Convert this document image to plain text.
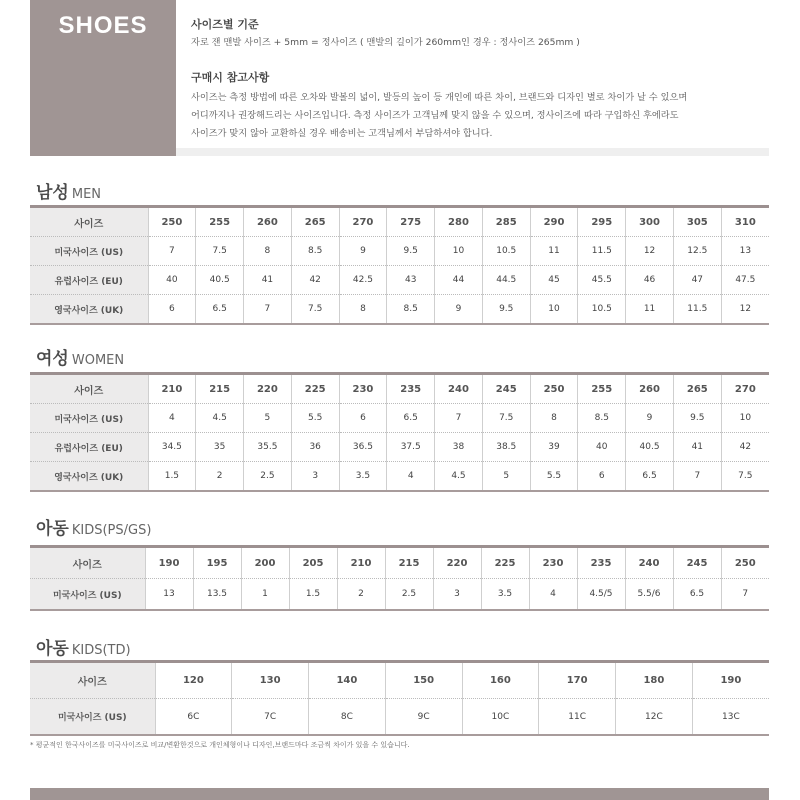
SHOES	사이즈별 기준
자로 잰 맨발 사이즈 + 5mm = 정사이즈 ( 맨발의 길이가 260mm인 경우 : 정사이즈 265mm )
구매시 참고사항
사이즈는 측정 방법에 따른 오차와 발볼의 넓이, 발등의 높이 등 개인에 따른 차이, 브랜드와 디자인 별로 차이가 날 수 있으며
어디까지나 권장해드리는 사이즈입니다. 측정 사이즈가 고객님께 맞지 않을 수 있으며, 정사이즈에 따라 구입하신 후에라도
사이즈가 맞지 않아 교환하실 경우 배송비는 고객님께서 부담하셔야 합니다.
남성 MEN
사이즈	250	255	260	265	270	275	280	285	290	295	300	305	310
미국사이즈 (US)	7	7.5	8	8.5	9	9.5	10	10.5	11	11.5	12	12.5	13
유럽사이즈 (EU)	40	40.5	41	42	42.5	43	44	44.5	45	45.5	46	47	47.5
영국사이즈 (UK)	6	6.5	7	7.5	8	8.5	9	9.5	10	10.5	11	11.5	12
여성 WOMEN
사이즈	210	215	220	225	230	235	240	245	250	255	260	265	270
미국사이즈 (US)	4	4.5	5	5.5	6	6.5	7	7.5	8	8.5	9	9.5	10
유럽사이즈 (EU)	34.5	35	35.5	36	36.5	37.5	38	38.5	39	40	40.5	41	42
영국사이즈 (UK)	1.5	2	2.5	3	3.5	4	4.5	5	5.5	6	6.5	7	7.5
아동 KIDS(PS/GS)
사이즈	190	195	200	205	210	215	220	225	230	235	240	245	250
미국사이즈 (US)	13	13.5	1	1.5	2	2.5	3	3.5	4	4.5/5	5.5/6	6.5	7
아동 KIDS(TD)
사이즈	120	130	140	150	160	170	180	190
미국사이즈 (US)	6C	7C	8C	9C	10C	11C	12C	13C
* 평균적인 한국사이즈를 미국사이즈로 비교/변환한것으로 개인체형이나 디자인,브랜드마다 조금씩 차이가 있을 수 있습니다.
